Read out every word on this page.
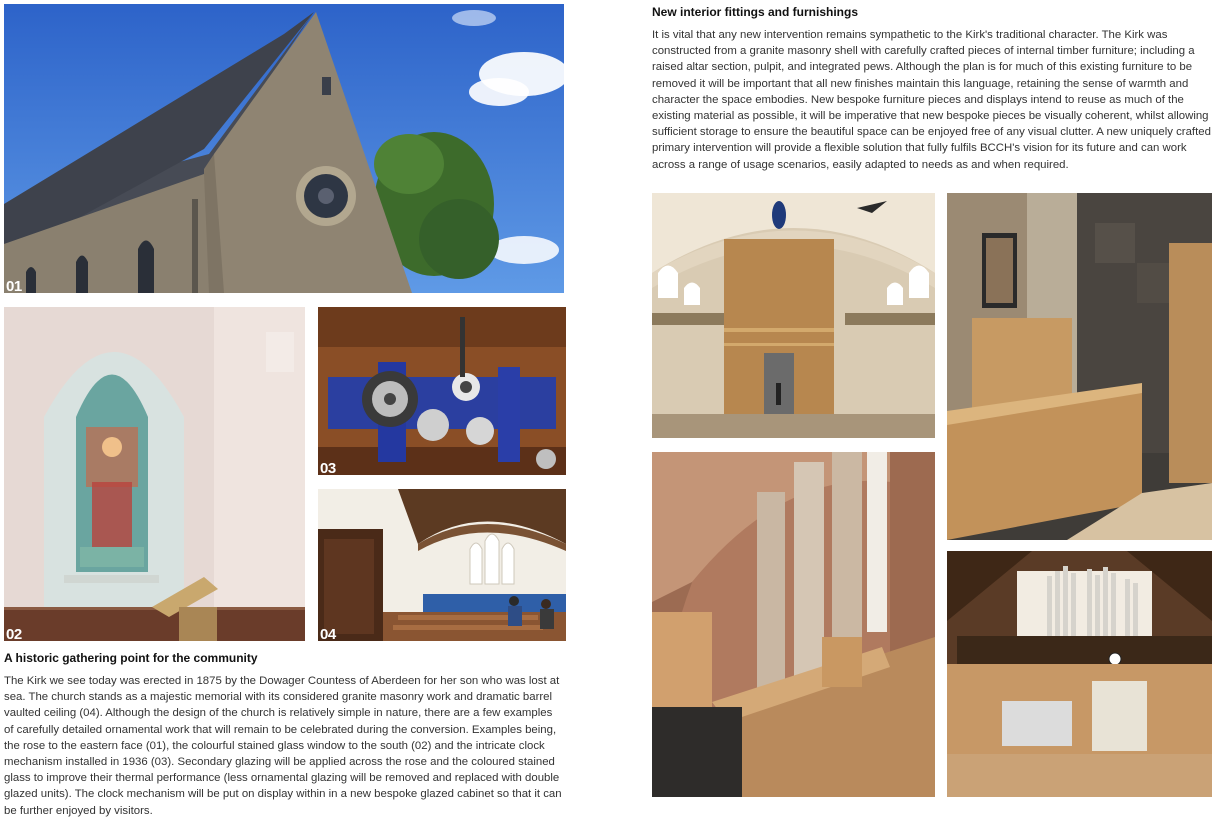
01
02
03
04
A historic gathering point for the community

The Kirk we see today was erected in 1875 by the Dowager Countess of Aberdeen for her son who was lost at sea. The church stands as a majestic memorial with its considered granite masonry work and dramatic barrel vaulted ceiling (04). Although the design of the church is relatively simple in nature, there are a few examples of carefully detailed ornamental work that will remain to be celebrated during the conversion. Examples being, the rose to the eastern face (01), the colourful stained glass window to the south (02) and the intricate clock mechanism installed in 1936 (03). Secondary glazing will be applied across the rose and the coloured stained glass to improve their thermal performance (less ornamental glazing will be removed and replaced with double glazed units). The clock mechanism will be put on display within in a new bespoke glazed cabinet so that it can be further enjoyed by visitors.

New interior fittings and furnishings

It is vital that any new intervention remains sympathetic to the Kirk's traditional character. The Kirk was constructed from a granite masonry shell with carefully crafted pieces of internal timber furniture; including a raised altar section, pulpit, and integrated pews. Although the plan is for much of this existing furniture to be removed it will be important that all new finishes maintain this language, retaining the sense of warmth and character the space embodies. New bespoke furniture pieces and displays intend to reuse as much of the existing material as possible, it will be imperative that new bespoke pieces be visually coherent, whilst allowing sufficient storage to ensure the beautiful space can be enjoyed free of any visual clutter. A new uniquely crafted primary intervention will provide a flexible solution that fully fulfils BCCH's vision for its future and can work across a range of usage scenarios, easily adapted to needs as and when required.
